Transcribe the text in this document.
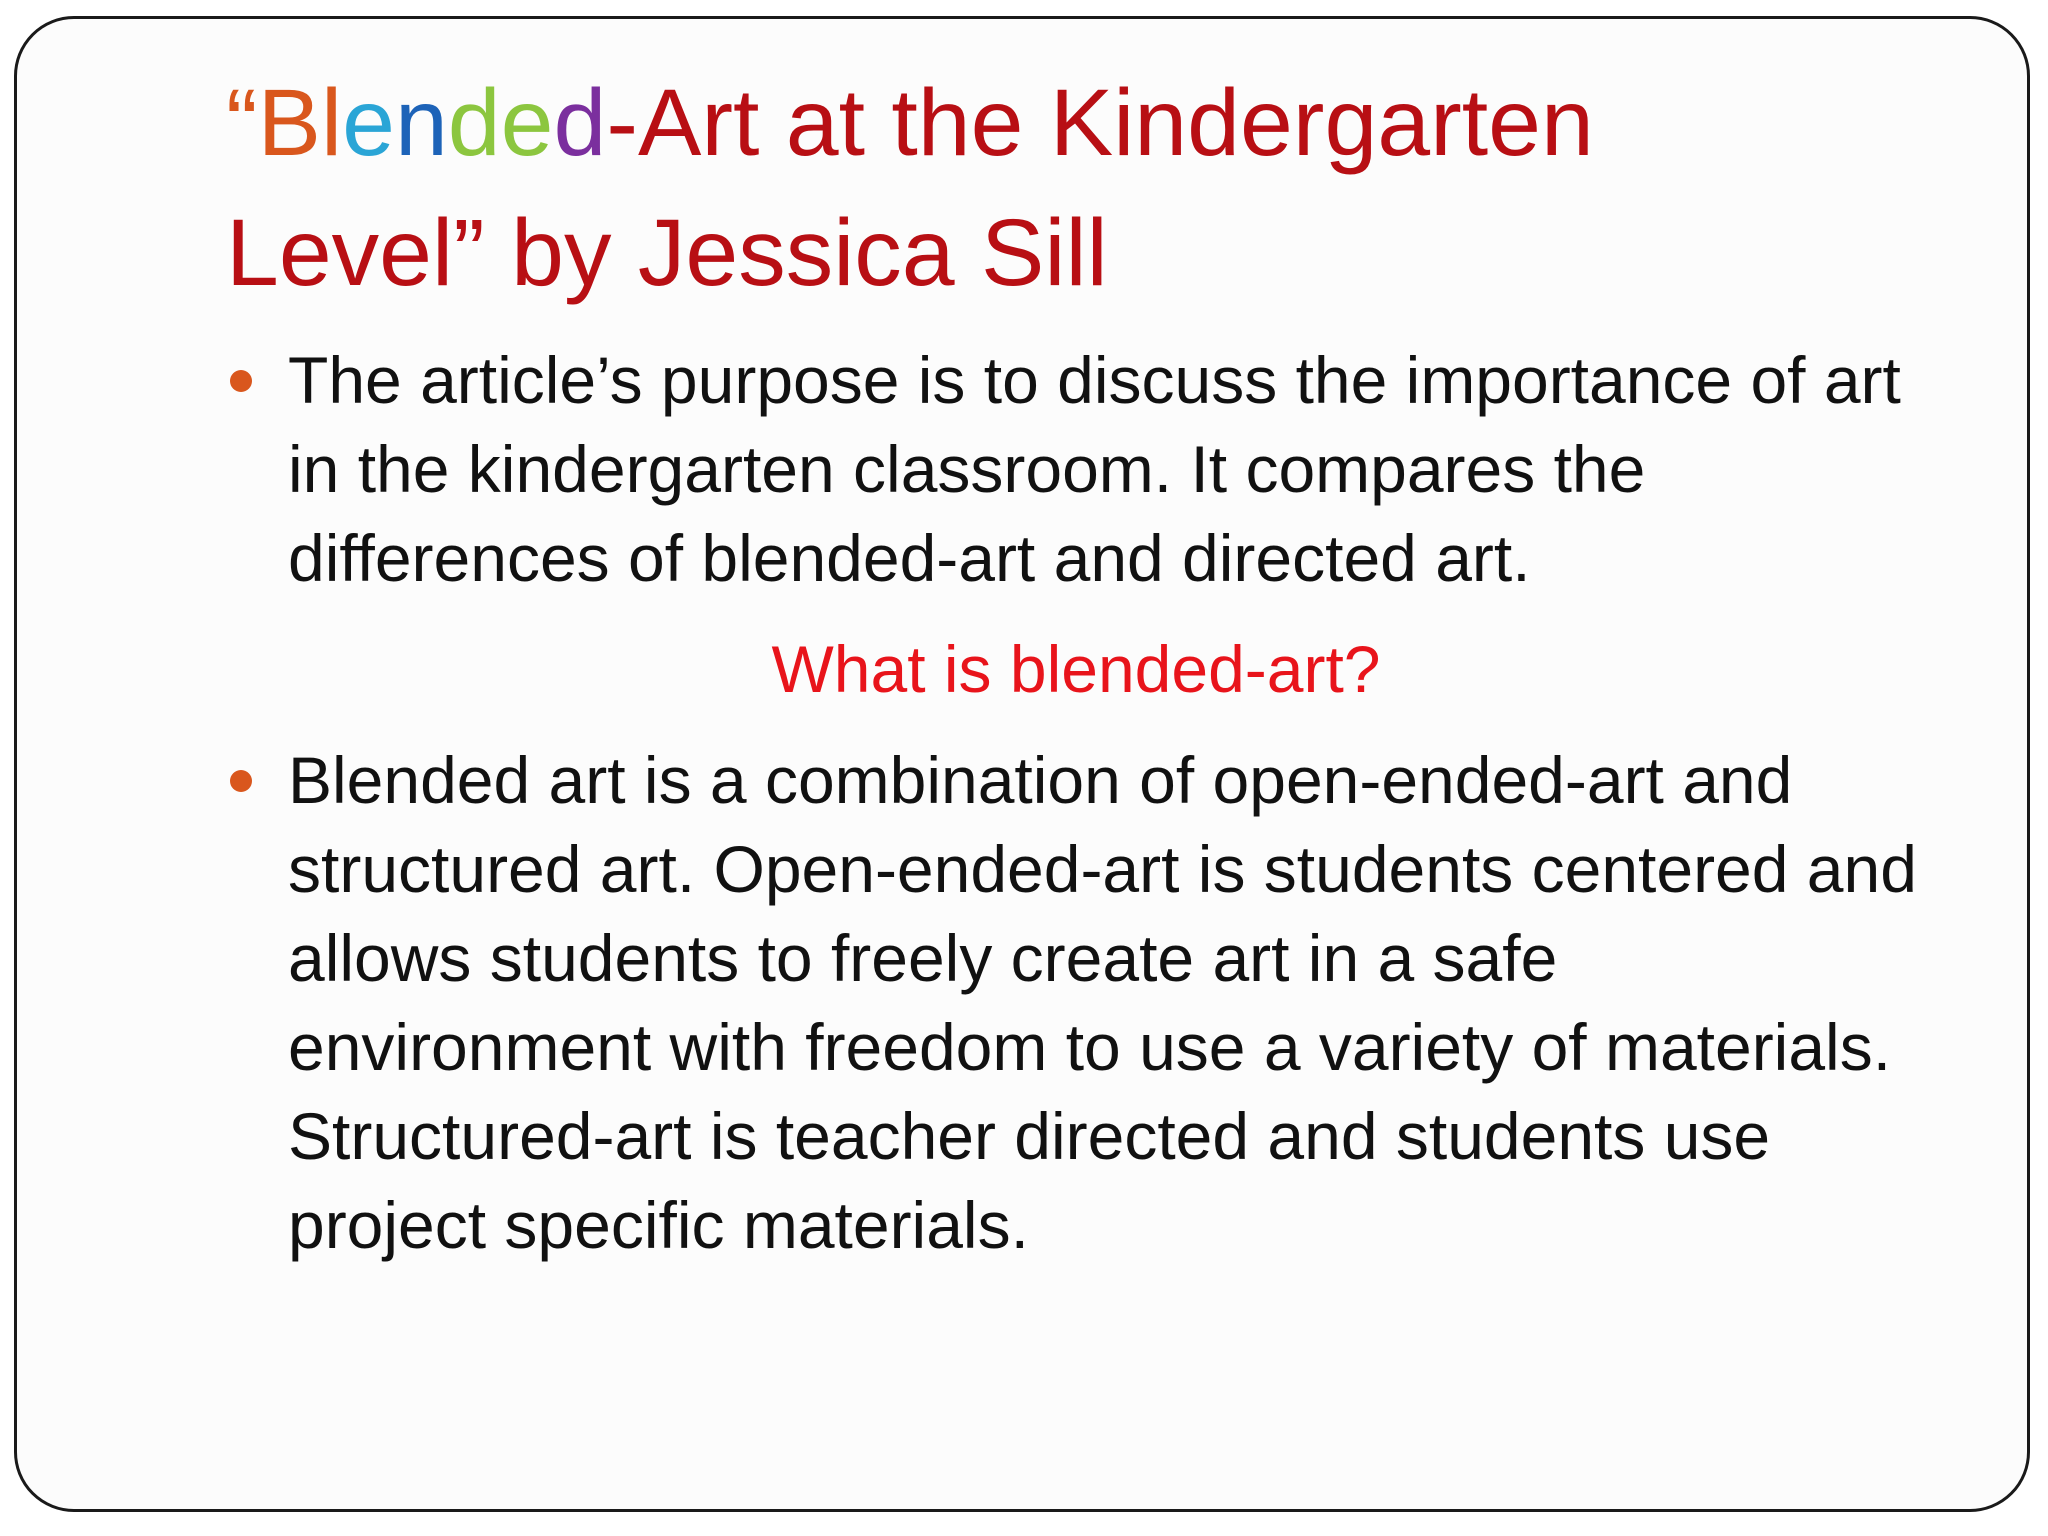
“Blended-Art at the Kindergarten
Level” by Jessica Sill
The article’s purpose is to discuss the importance of art in the kindergarten classroom. It compares the differences of blended-art and directed art.
What is blended-art?
Blended art is a combination of open-ended-art and structured art. Open-ended-art is students centered and allows students to freely create art in a safe environment with freedom to use a variety of materials. Structured-art is teacher directed and students use project specific materials.
